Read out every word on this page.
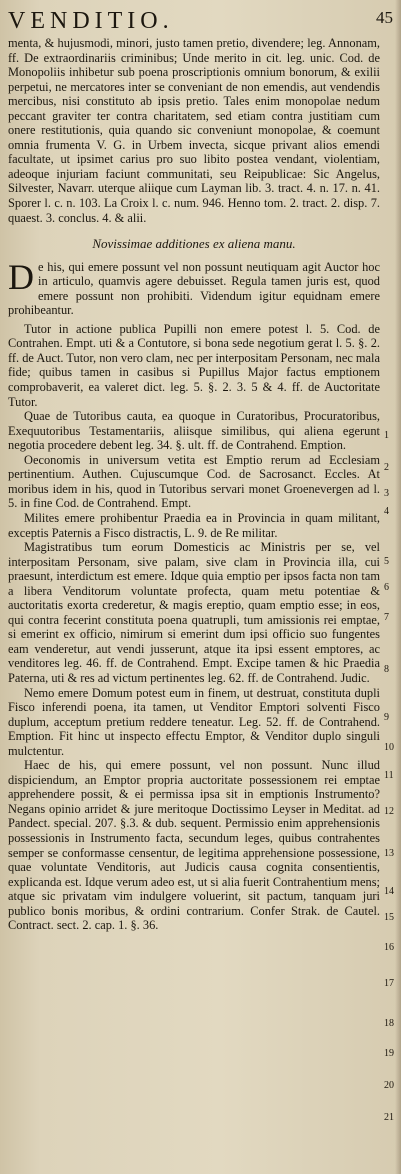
VENDITIO.	45

menta, & hujusmodi, minori, justo tamen pretio, divendere; leg. Annonam, ff. De extraordinariis criminibus; Unde merito in cit. leg. unic. Cod. de Monopoliis inhibetur sub poena proscriptionis omnium bonorum, & exilii perpetui, ne mercatores inter se conveniant de non emendis, aut vendendis mercibus, nisi constituto ab ipsis pretio. Tales enim monopolae nedum peccant graviter ter contra charitatem, sed etiam contra justitiam cum onere restitutionis, quia quando sic conveniunt monopolae, & coemunt omnia frumenta V. G. in Urbem invecta, sicque privant alios emendi facultate, ut ipsimet carius pro suo libito postea vendant, violentiam, adeoque injuriam faciunt communitati, seu Reipublicae: Sic Angelus, Silvester, Navarr. uterque aliique cum Layman lib. 3. tract. 4. n. 17. n. 41. Sporer l. c. n. 103. La Croix l. c. num. 946. Henno tom. 2. tract. 2. disp. 7. quaest. 3. conclus. 4. & alii.

Novissimae additiones ex aliena manu.

De his, qui emere possunt vel non possunt neutiquam agit Auctor hoc in articulo, quamvis agere debuisset. Regula tamen juris est, quod emere possunt non prohibiti. Videndum igitur equidnam emere prohibeantur.

Tutor in actione publica Pupilli non emere potest l. 5. Cod. de Contrahen. Empt. uti & a Contutore, si bona sede negotium gerat l. 5. §. 2. ff. de Auct. Tutor, non vero clam, nec per interpositam Personam, nec mala fide; quibus tamen in casibus si Pupillus Major factus emptionem comprobaverit, ea valeret dict. leg. 5. §. 2. 3. 5 & 4. ff. de Auctoritate Tutor.

Quae de Tutoribus cauta, ea quoque in Curatoribus, Procuratoribus, Exequutoribus Testamentariis, aliisque similibus, qui aliena egerunt negotia procedere debent leg. 34. §. ult. ff. de Contrahend. Emption.

Oeconomis in universum vetita est Emptio rerum ad Ecclesiam pertinentium. Authen. Cujuscumque Cod. de Sacrosanct. Eccles. At moribus idem in his, quod in Tutoribus servari monet Groenevergen ad l. 5. in fine Cod. de Contrahend. Empt.

Milites emere prohibentur Praedia ea in Provincia in quam militant, exceptis Paternis a Fisco distractis, L. 9. de Re militar.

Magistratibus tum eorum Domesticis ac Ministris per se, vel interpositam Personam, sive palam, sive clam in Provincia illa, cui praesunt, interdictum est emere. Idque quia emptio per ipsos facta non tam a libera Venditorum voluntate profecta, quam metu potentiae & auctoritatis exorta crederetur, & magis ereptio, quam emptio esse; in eos, qui contra fecerint constituta poena quatrupli, tum amissionis rei emptae, si emerint ex officio, nimirum si emerint dum ipsi officio suo fungentes eam venderetur, aut vendi jusserunt, atque ita ipsi essent emptores, ac venditores leg. 46. ff. de Contrahend. Empt. Excipe tamen & hic Praedia Paterna, uti & res ad victum pertinentes leg. 62. ff. de Contrahend. Judic.

Nemo emere Domum potest eum in finem, ut destruat, constituta dupli Fisco inferendi poena, ita tamen, ut Venditor Emptori solventi Fisco duplum, acceptum pretium reddere teneatur. Leg. 52. ff. de Contrahend. Emption. Fit hinc ut inspecto effectu Emptor, & Venditor duplo singuli mulctentur.

Haec de his, qui emere possunt, vel non possunt. Nunc illud dispiciendum, an Emptor propria auctoritate possessionem rei emptae apprehendere possit, & ei permissa ipsa sit in emptionis Instrumento? Negans opinio arridet & jure meritoque Doctissimo Leyser in Meditat. ad Pandect. special. 207. §.3. & dub. sequent. Permissio enim apprehensionis possessionis in Instrumento facta, secundum leges, quibus contrahentes semper se conformasse censentur, de legitima apprehensione possessione, quae voluntate Venditoris, aut Judicis causa cognita consentientis, explicanda est. Idque verum adeo est, ut si alia fuerit Contrahentium mens; atque sic privatam vim indulgere voluerint, sit pactum, tanquam juri publico bonis moribus, & ordini contrarium. Confer Strak. de Cautel. Contract. sect. 2. cap. 1. §. 36.

1
2
3
4
5
6
7
8
9
10
11
12
13
14
15
16
17
18
19
20
21
